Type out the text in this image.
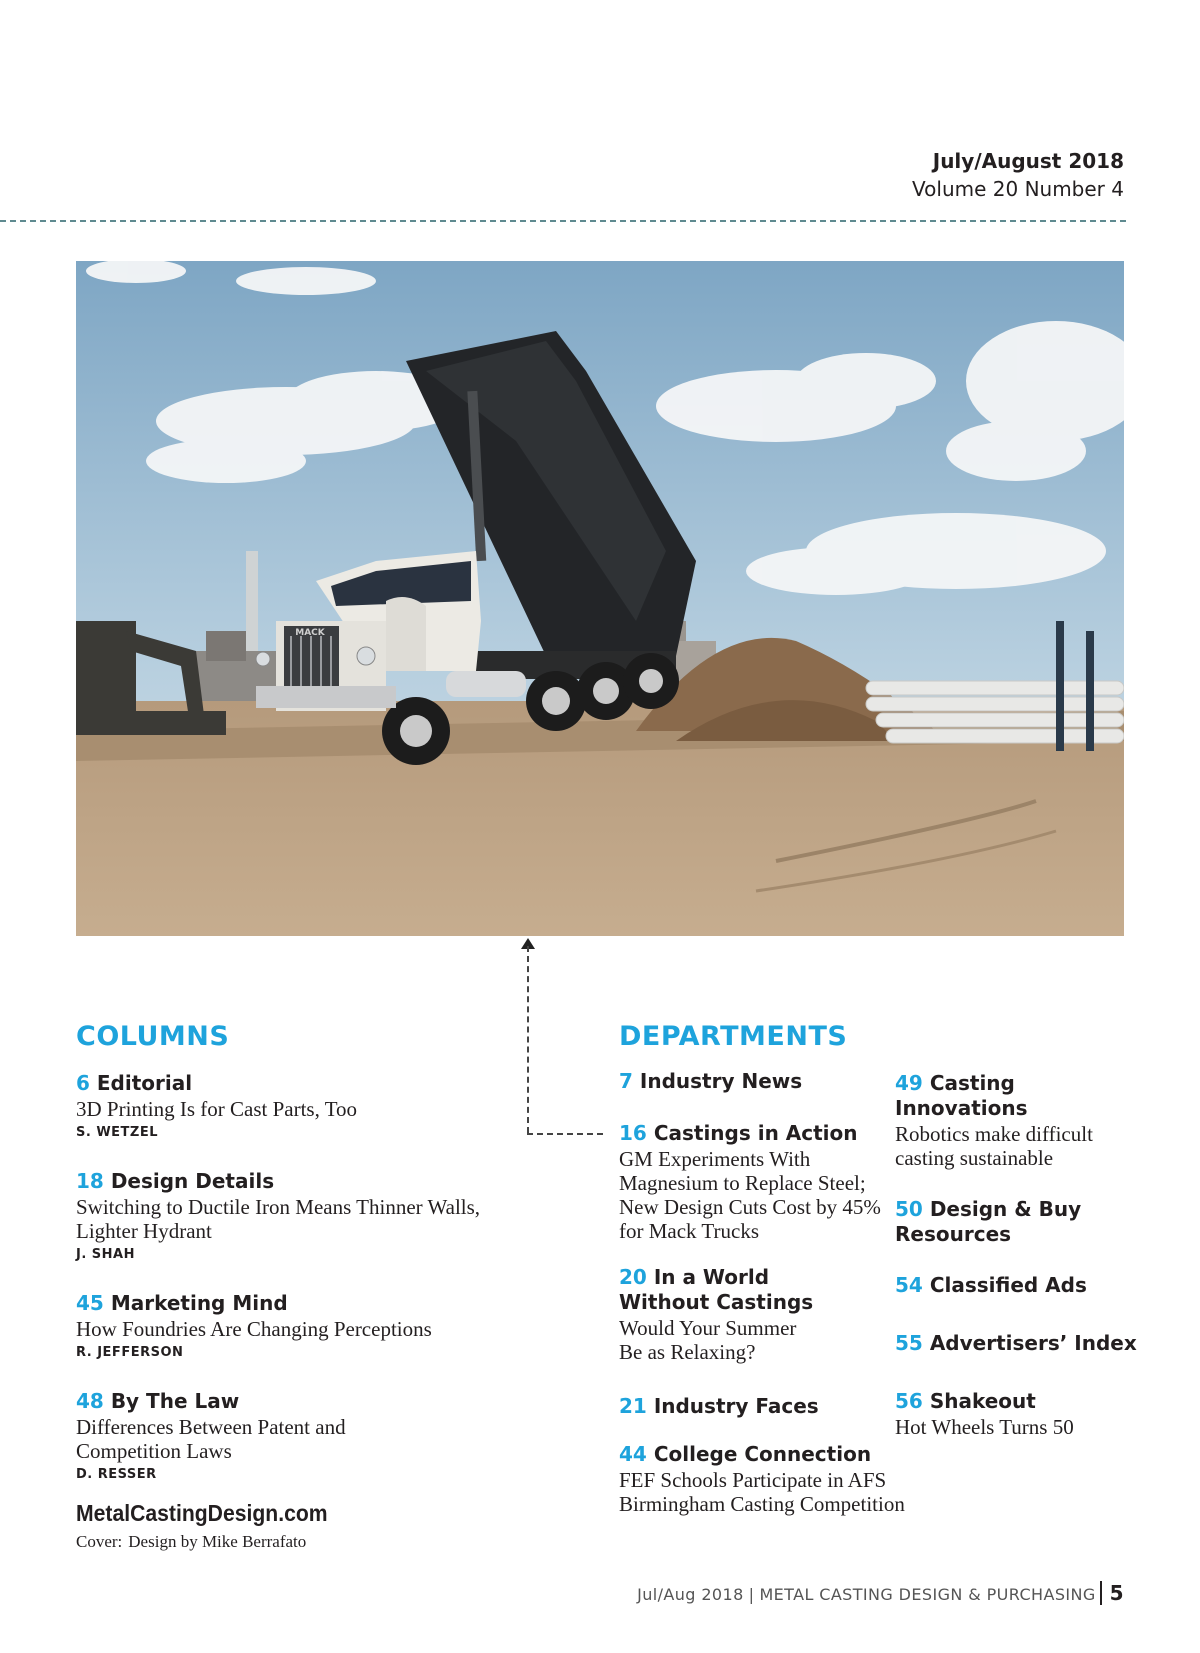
July/August 2018
Volume 20 Number 4
MACK
COLUMNS
6 Editorial
3D Printing Is for Cast Parts, Too
S. WETZEL
18 Design Details
Switching to Ductile Iron Means Thinner Walls,
Lighter Hydrant
J. SHAH
45 Marketing Mind
How Foundries Are Changing Perceptions
R. JEFFERSON
48 By The Law
Differences Between Patent and
Competition Laws
D. RESSER
MetalCastingDesign.com
Cover: Design by Mike Berrafato
DEPARTMENTS
7 Industry News
16 Castings in Action
GM Experiments With
Magnesium to Replace Steel;
New Design Cuts Cost by 45%
for Mack Trucks
20 In a World
Without Castings
Would Your Summer
Be as Relaxing?
21 Industry Faces
44 College Connection
FEF Schools Participate in AFS
Birmingham Casting Competition
49 Casting
Innovations
Robotics make difficult
casting sustainable
50 Design & Buy
Resources
54 Classified Ads
55 Advertisers’ Index
56 Shakeout
Hot Wheels Turns 50
Jul/Aug 2018 | METAL CASTING DESIGN & PURCHASING 5
